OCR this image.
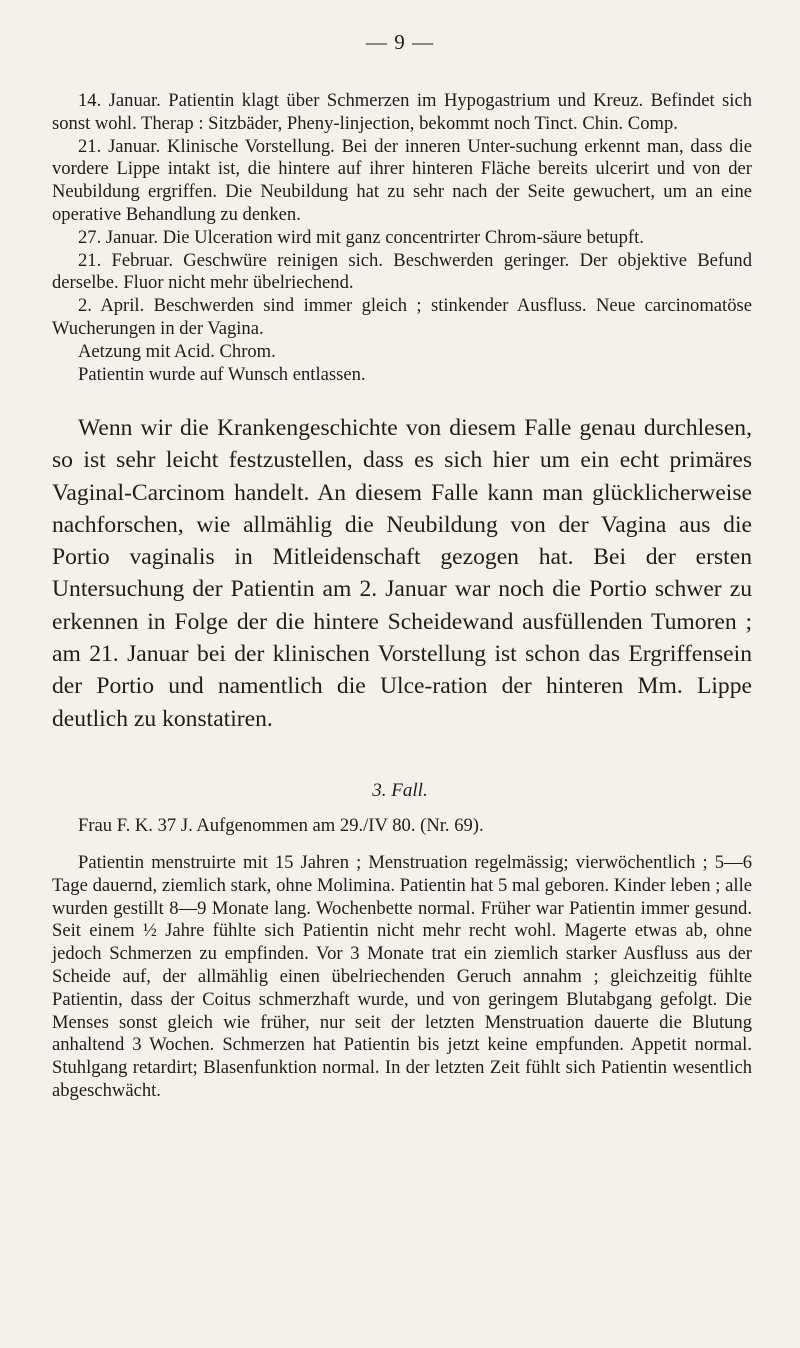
— 9 —

14. Januar. Patientin klagt über Schmerzen im Hypogastrium und Kreuz. Befindet sich sonst wohl. Therap : Sitzbäder, Pheny-linjection, bekommt noch Tinct. Chin. Comp.

21. Januar. Klinische Vorstellung. Bei der inneren Unter-suchung erkennt man, dass die vordere Lippe intakt ist, die hintere auf ihrer hinteren Fläche bereits ulcerirt und von der Neubildung ergriffen. Die Neubildung hat zu sehr nach der Seite gewuchert, um an eine operative Behandlung zu denken.

27. Januar. Die Ulceration wird mit ganz concentrirter Chrom-säure betupft.

21. Februar. Geschwüre reinigen sich. Beschwerden geringer. Der objektive Befund derselbe. Fluor nicht mehr übelriechend.

2. April. Beschwerden sind immer gleich ; stinkender Ausfluss. Neue carcinomatöse Wucherungen in der Vagina.

Aetzung mit Acid. Chrom.

Patientin wurde auf Wunsch entlassen.

Wenn wir die Krankengeschichte von diesem Falle genau durchlesen, so ist sehr leicht festzustellen, dass es sich hier um ein echt primäres Vaginal-Carcinom handelt. An diesem Falle kann man glücklicherweise nachforschen, wie allmählig die Neubildung von der Vagina aus die Portio vaginalis in Mitleidenschaft gezogen hat. Bei der ersten Untersuchung der Patientin am 2. Januar war noch die Portio schwer zu erkennen in Folge der die hintere Scheidewand ausfüllenden Tumoren ; am 21. Januar bei der klinischen Vorstellung ist schon das Ergriffensein der Portio und namentlich die Ulce-ration der hinteren Mm. Lippe deutlich zu konstatiren.

3. Fall.
Frau F. K. 37 J. Aufgenommen am 29./IV 80. (Nr. 69).

Patientin menstruirte mit 15 Jahren ; Menstruation regelmässig; vierwöchentlich ; 5—6 Tage dauernd, ziemlich stark, ohne Molimina. Patientin hat 5 mal geboren. Kinder leben ; alle wurden gestillt 8—9 Monate lang. Wochenbette normal. Früher war Patientin immer gesund. Seit einem ½ Jahre fühlte sich Patientin nicht mehr recht wohl. Magerte etwas ab, ohne jedoch Schmerzen zu empfinden. Vor 3 Monate trat ein ziemlich starker Ausfluss aus der Scheide auf, der allmählig einen übelriechenden Geruch annahm ; gleichzeitig fühlte Patientin, dass der Coitus schmerzhaft wurde, und von geringem Blutabgang gefolgt. Die Menses sonst gleich wie früher, nur seit der letzten Menstruation dauerte die Blutung anhaltend 3 Wochen. Schmerzen hat Patientin bis jetzt keine empfunden. Appetit normal. Stuhlgang retardirt; Blasenfunktion normal. In der letzten Zeit fühlt sich Patientin wesentlich abgeschwächt.
